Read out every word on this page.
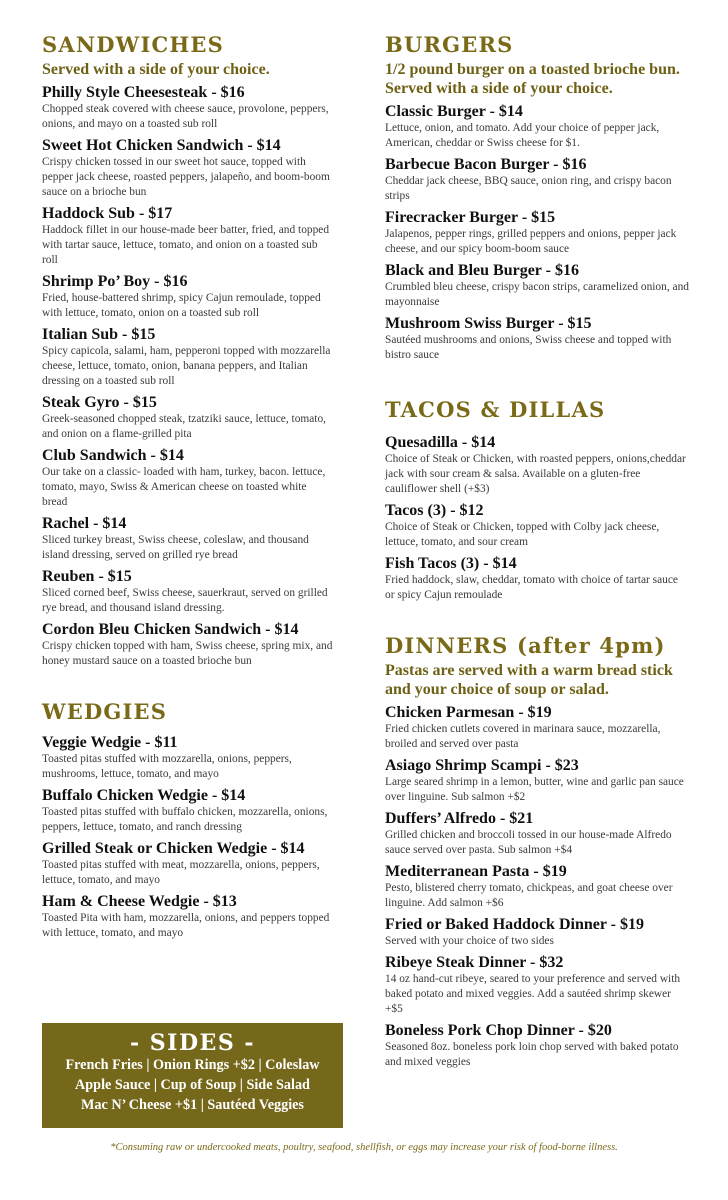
SANDWICHES
Served with a side of your choice.
Philly Style Cheesesteak - $16
Chopped steak covered with cheese sauce, provolone, peppers, onions, and mayo on a toasted sub roll
Sweet Hot Chicken Sandwich - $14
Crispy chicken tossed in our sweet hot sauce, topped with pepper jack cheese, roasted peppers, jalapeño, and boom-boom sauce on a brioche bun
Haddock Sub - $17
Haddock fillet in our house-made beer batter, fried, and topped with tartar sauce, lettuce, tomato, and onion on a toasted sub roll
Shrimp Po’ Boy - $16
Fried, house-battered shrimp, spicy Cajun remoulade, topped with lettuce, tomato, onion on a toasted sub roll
Italian Sub - $15
Spicy capicola, salami, ham, pepperoni topped with mozzarella cheese, lettuce, tomato, onion, banana peppers, and Italian dressing on a toasted sub roll
Steak Gyro - $15
Greek-seasoned chopped steak, tzatziki sauce, lettuce, tomato, and onion on a flame-grilled pita
Club Sandwich - $14
Our take on a classic- loaded with ham, turkey, bacon. lettuce, tomato, mayo, Swiss & American cheese on toasted white bread
Rachel - $14
Sliced turkey breast, Swiss cheese, coleslaw, and thousand island dressing, served on grilled rye bread
Reuben - $15
Sliced corned beef, Swiss cheese, sauerkraut, served on grilled rye bread, and thousand island dressing.
Cordon Bleu Chicken Sandwich - $14
Crispy chicken topped with ham, Swiss cheese, spring mix, and honey mustard sauce on a toasted brioche bun
WEDGIES
Veggie Wedgie - $11
Toasted pitas stuffed with mozzarella, onions, peppers, mushrooms, lettuce, tomato, and mayo
Buffalo Chicken Wedgie - $14
Toasted pitas stuffed with buffalo chicken, mozzarella, onions, peppers, lettuce, tomato, and ranch dressing
Grilled Steak or Chicken Wedgie - $14
Toasted pitas stuffed with meat, mozzarella, onions, peppers, lettuce, tomato, and mayo
Ham & Cheese Wedgie - $13
Toasted Pita with ham, mozzarella, onions, and peppers topped with lettuce, tomato, and mayo
- SIDES -
French Fries | Onion Rings +$2 | Coleslaw
Apple Sauce | Cup of Soup | Side Salad
Mac N’ Cheese +$1 | Sautéed Veggies
BURGERS
1/2 pound burger on a toasted brioche bun. Served with a side of your choice.
Classic Burger - $14
Lettuce, onion, and tomato. Add your choice of pepper jack, American, cheddar or Swiss cheese for $1.
Barbecue Bacon Burger - $16
Cheddar jack cheese, BBQ sauce, onion ring, and crispy bacon strips
Firecracker Burger - $15
Jalapenos, pepper rings, grilled peppers and onions, pepper jack cheese, and our spicy boom-boom sauce
Black and Bleu Burger - $16
Crumbled bleu cheese, crispy bacon strips, caramelized onion, and mayonnaise
Mushroom Swiss Burger - $15
Sautéed mushrooms and onions, Swiss cheese and topped with bistro sauce
TACOS & DILLAS
Quesadilla - $14
Choice of Steak or Chicken, with roasted peppers, onions,cheddar jack with sour cream & salsa. Available on a gluten-free cauliflower shell (+$3)
Tacos (3) - $12
Choice of Steak or Chicken, topped with Colby jack cheese, lettuce, tomato, and sour cream
Fish Tacos (3) - $14
Fried haddock, slaw, cheddar, tomato with choice of tartar sauce or spicy Cajun remoulade
DINNERS (after 4pm)
Pastas are served with a warm bread stick and your choice of soup or salad.
Chicken Parmesan - $19
Fried chicken cutlets covered in marinara sauce, mozzarella, broiled and served over pasta
Asiago Shrimp Scampi - $23
Large seared shrimp in a lemon, butter, wine and garlic pan sauce over linguine. Sub salmon +$2
Duffers’ Alfredo - $21
Grilled chicken and broccoli tossed in our house-made Alfredo sauce served over pasta. Sub salmon +$4
Mediterranean Pasta - $19
Pesto, blistered cherry tomato, chickpeas, and goat cheese over linguine. Add salmon +$6
Fried or Baked Haddock Dinner - $19
Served with your choice of two sides
Ribeye Steak Dinner - $32
14 oz hand-cut ribeye, seared to your preference and served with baked potato and mixed veggies. Add a sautéed shrimp skewer +$5
Boneless Pork Chop Dinner - $20
Seasoned 8oz. boneless pork loin chop served with baked potato and mixed veggies
*Consuming raw or undercooked meats, poultry, seafood, shellfish, or eggs may increase your risk of food-borne illness.
